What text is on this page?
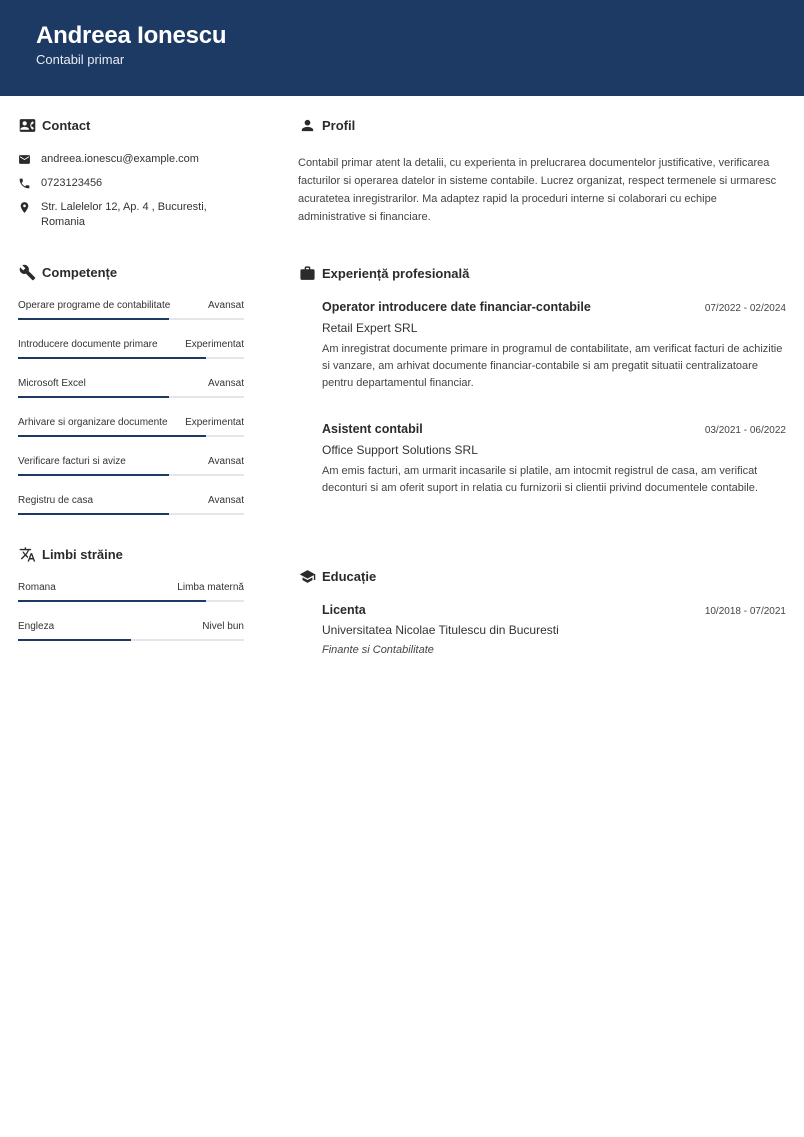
Andreea Ionescu
Contabil primar
Contact
andreea.ionescu@example.com
0723123456
Str. Lalelelor 12, Ap. 4 , Bucuresti, Romania
Competențe
Operare programe de contabilitate	Avansat
Introducere documente primare	Experimentat
Microsoft Excel	Avansat
Arhivare si organizare documente Experimentat
Verificare facturi si avize	Avansat
Registru de casa	Avansat
Limbi străine
Romana	Limba maternă
Engleza	Nivel bun
Profil
Contabil primar atent la detalii, cu experienta in prelucrarea documentelor justificative, verificarea facturilor si operarea datelor in sisteme contabile. Lucrez organizat, respect termenele si urmaresc acuratetea inregistrarilor. Ma adaptez rapid la proceduri interne si colaborari cu echipe administrative si financiare.
Experiență profesională
Operator introducere date financiar-contabile	07/2022 - 02/2024
Retail Expert SRL
Am inregistrat documente primare in programul de contabilitate, am verificat facturi de achizitie si vanzare, am arhivat documente financiar-contabile si am pregatit situatii centralizatoare pentru departamentul financiar.
Asistent contabil	03/2021 - 06/2022
Office Support Solutions SRL
Am emis facturi, am urmarit incasarile si platile, am intocmit registrul de casa, am verificat deconturi si am oferit suport in relatia cu furnizorii si clientii privind documentele contabile.
Educație
Licenta	10/2018 - 07/2021
Universitatea Nicolae Titulescu din Bucuresti
Finante si Contabilitate
